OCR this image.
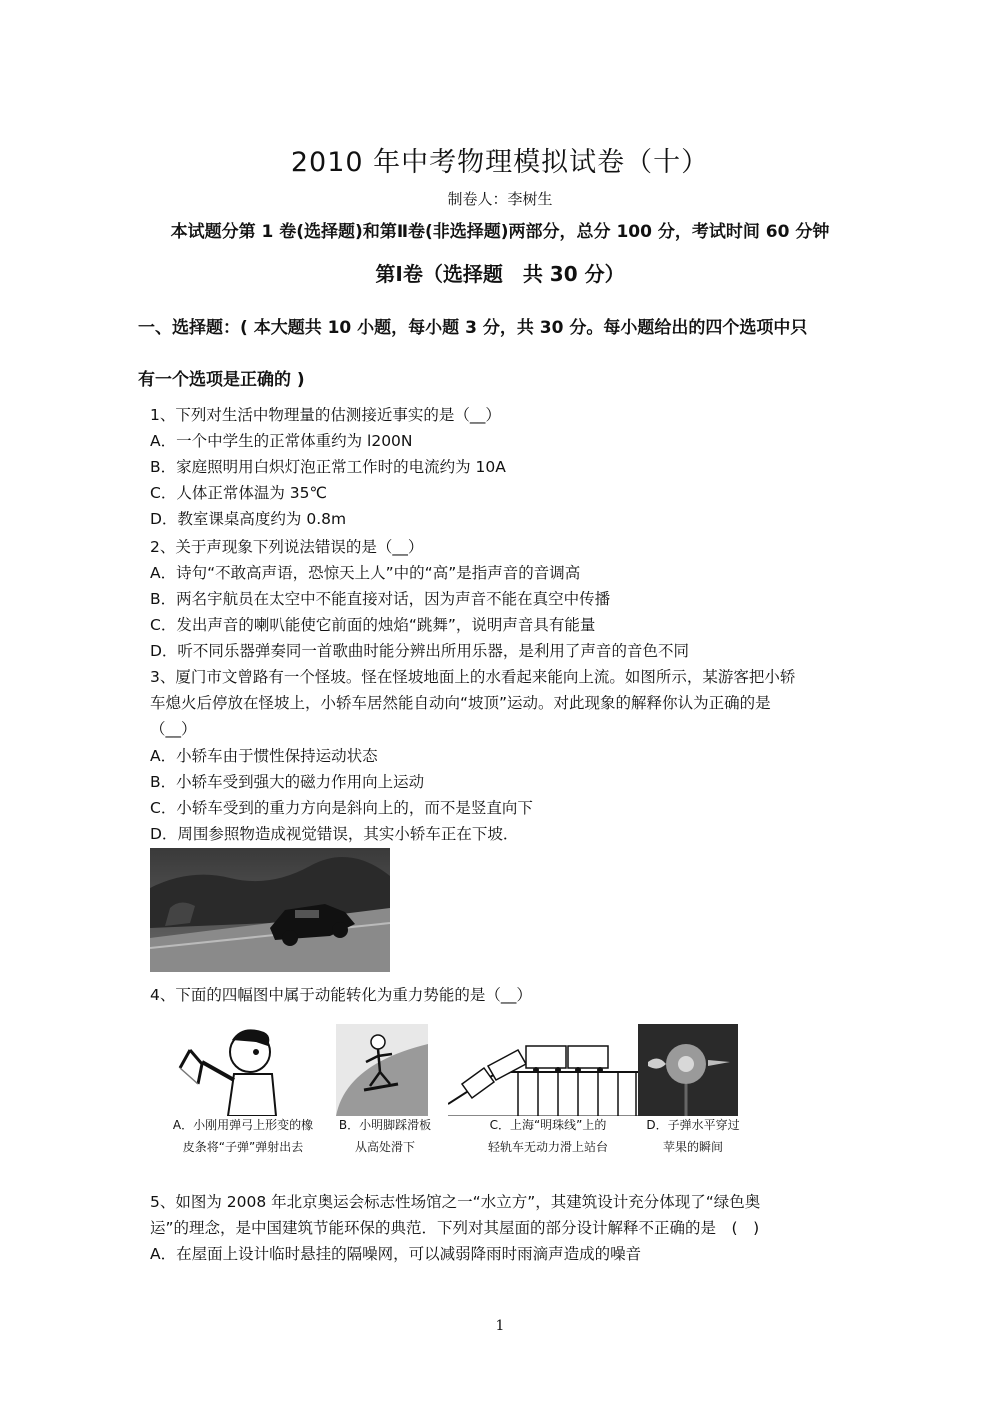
2010 年中考物理模拟试卷（十）
制卷人：李树生
本试题分第 1 卷(选择题)和第Ⅱ卷(非选择题)两部分，总分 100 分，考试时间 60 分钟
第Ⅰ卷（选择题　共 30 分）
一、选择题：( 本大题共 10 小题，每小题 3 分，共 30 分。每小题给出的四个选项中只
有一个选项是正确的 )
1、下列对生活中物理量的估测接近事实的是（__）
A．一个中学生的正常体重约为 l200N
B．家庭照明用白炽灯泡正常工作时的电流约为 10A
C．人体正常体温为 35℃
D．教室课桌高度约为 0.8m
2、关于声现象下列说法错误的是（__）
A．诗句“不敢高声语，恐惊天上人”中的“高”是指声音的音调高
B．两名宇航员在太空中不能直接对话，因为声音不能在真空中传播
C．发出声音的喇叭能使它前面的烛焰“跳舞”，说明声音具有能量
D．听不同乐器弹奏同一首歌曲时能分辨出所用乐器，是利用了声音的音色不同
3、厦门市文曾路有一个怪坡。怪在怪坡地面上的水看起来能向上流。如图所示，某游客把小轿
车熄火后停放在怪坡上，小轿车居然能自动向“坡顶”运动。对此现象的解释你认为正确的是
（__）
A．小轿车由于惯性保持运动状态
B．小轿车受到强大的磁力作用向上运动
C．小轿车受到的重力方向是斜向上的，而不是竖直向下
D．周围参照物造成视觉错误，其实小轿车正在下坡．
4、下面的四幅图中属于动能转化为重力势能的是（__）
A．小刚用弹弓上形变的橡
皮条将“子弹”弹射出去
B．小明脚踩滑板
从高处滑下
C．上海“明珠线”上的
轻轨车无动力滑上站台
D．子弹水平穿过
苹果的瞬间
5、如图为 2008 年北京奥运会标志性场馆之一“水立方”，其建筑设计充分体现了“绿色奥
运”的理念，是中国建筑节能环保的典范．下列对其屋面的部分设计解释不正确的是　(　)
A．在屋面上设计临时悬挂的隔噪网，可以减弱降雨时雨滴声造成的噪音
1
